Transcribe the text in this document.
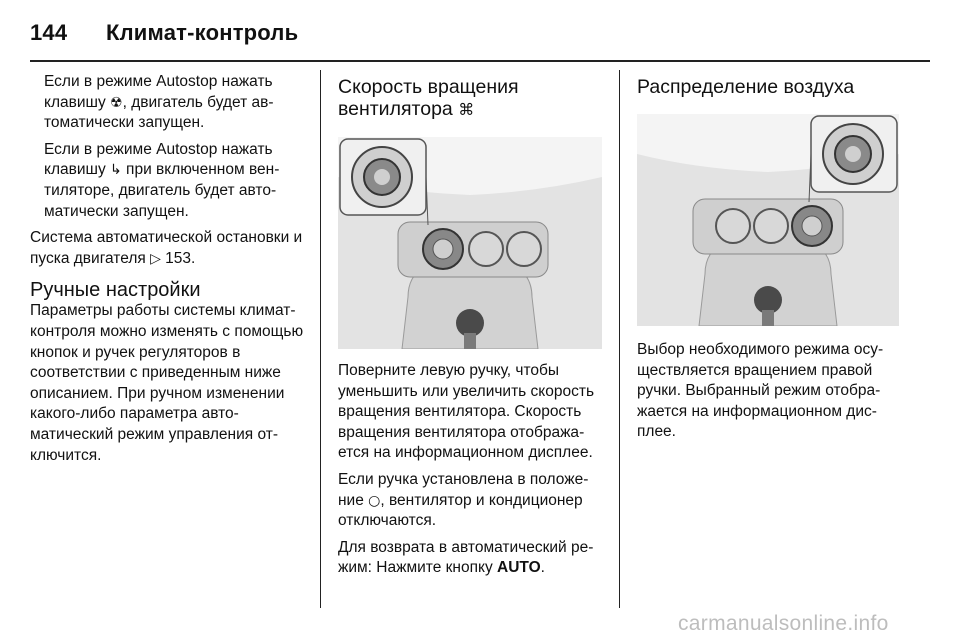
144 Климат-контроль

Если в режиме Autostop нажать клавишу ☢, двигатель будет автоматически запущен.

Если в режиме Autostop нажать клавишу ↳ при включенном вентиляторе, двигатель будет автоматически запущен.

Система автоматической остановки и пуска двигателя ▷ 153.

Ручные настройки

Параметры работы системы климат-контроля можно изменять с помощью кнопок и ручек регуляторов в соответствии с приведенным ниже описанием. При ручном изменении какого-либо параметра автоматический режим управления отключится.

Скорость вращения вентилятора ⌘

Поверните левую ручку, чтобы уменьшить или увеличить скорость вращения вентилятора. Скорость вращения вентилятора отображается на информационном дисплее.

Если ручка установлена в положение ○, вентилятор и кондиционер отключаются.

Для возврата в автоматический режим: Нажмите кнопку AUTO.

Распределение воздуха

Выбор необходимого режима осуществляется вращением правой ручки. Выбранный режим отображается на информационном дисплее.

carmanualsonline.info
